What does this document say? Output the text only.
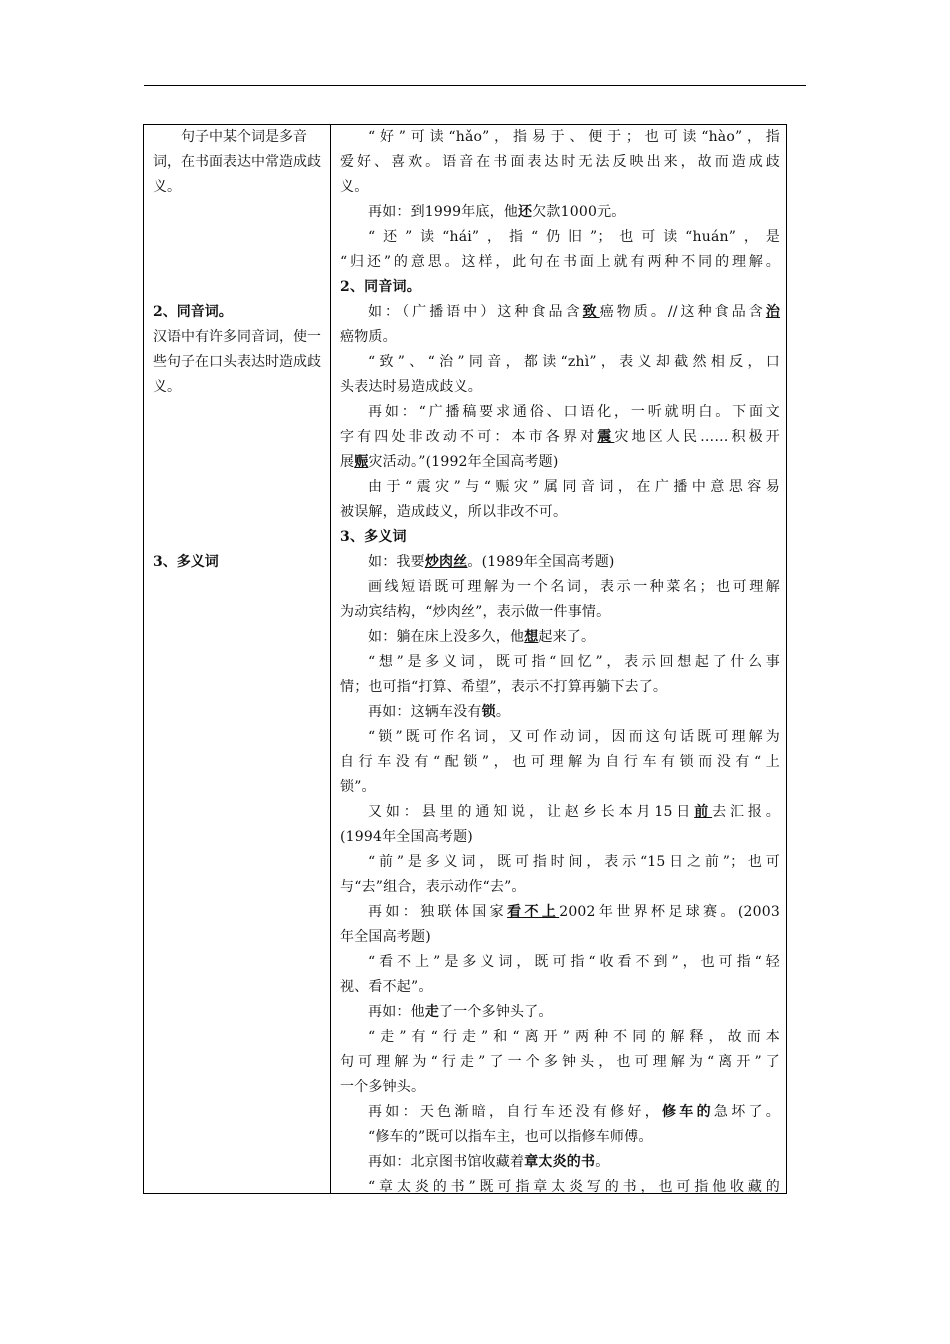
句子中某个词是多音词，在书面表达中常造成歧义。
2、同音词。
汉语中有许多同音词，使一些句子在口头表达时造成歧义。
3、多义词
“好”可读“hǎo”，指易于、便于；也可读“hào”，指
爱好、喜欢。语音在书面表达时无法反映出来，故而造成歧
义。
再如：到1999年底，他还欠款1000元。
“还”读“hái”，指“仍旧”；也可读“huán”，是
“归还”的意思。这样，此句在书面上就有两种不同的理解。
2、同音词。
如：（广播语中）这种食品含致癌物质。//这种食品含治
癌物质。
“致”、“治”同音，都读“zhì”，表义却截然相反，口
头表达时易造成歧义。
再如：“广播稿要求通俗、口语化，一听就明白。下面文
字有四处非改动不可：本市各界对震灾地区人民……积极开
展赈灾活动。”(1992年全国高考题)
由于“震灾”与“赈灾”属同音词，在广播中意思容易
被误解，造成歧义，所以非改不可。
3、多义词
如：我要炒肉丝。(1989年全国高考题)
画线短语既可理解为一个名词，表示一种菜名；也可理解
为动宾结构，“炒肉丝”，表示做一件事情。
如：躺在床上没多久，他想起来了。
“想”是多义词，既可指“回忆”，表示回想起了什么事
情；也可指“打算、希望”，表示不打算再躺下去了。
再如：这辆车没有锁。
“锁”既可作名词，又可作动词，因而这句话既可理解为
自行车没有“配锁”，也可理解为自行车有锁而没有“上
锁”。
又如：县里的通知说，让赵乡长本月15日前去汇报。
(1994年全国高考题)
“前”是多义词，既可指时间，表示“15日之前”；也可
与“去”组合，表示动作“去”。
再如：独联体国家看不上2002年世界杯足球赛。(2003
年全国高考题)
“看不上”是多义词，既可指“收看不到”，也可指“轻
视、看不起”。
再如：他走了一个多钟头了。
“走”有“行走”和“离开”两种不同的解释，故而本
句可理解为“行走”了一个多钟头，也可理解为“离开”了
一个多钟头。
再如：天色渐暗，自行车还没有修好，修车的急坏了。
“修车的”既可以指车主，也可以指修车师傅。
再如：北京图书馆收藏着章太炎的书。
“章太炎的书”既可指章太炎写的书，也可指他收藏的
